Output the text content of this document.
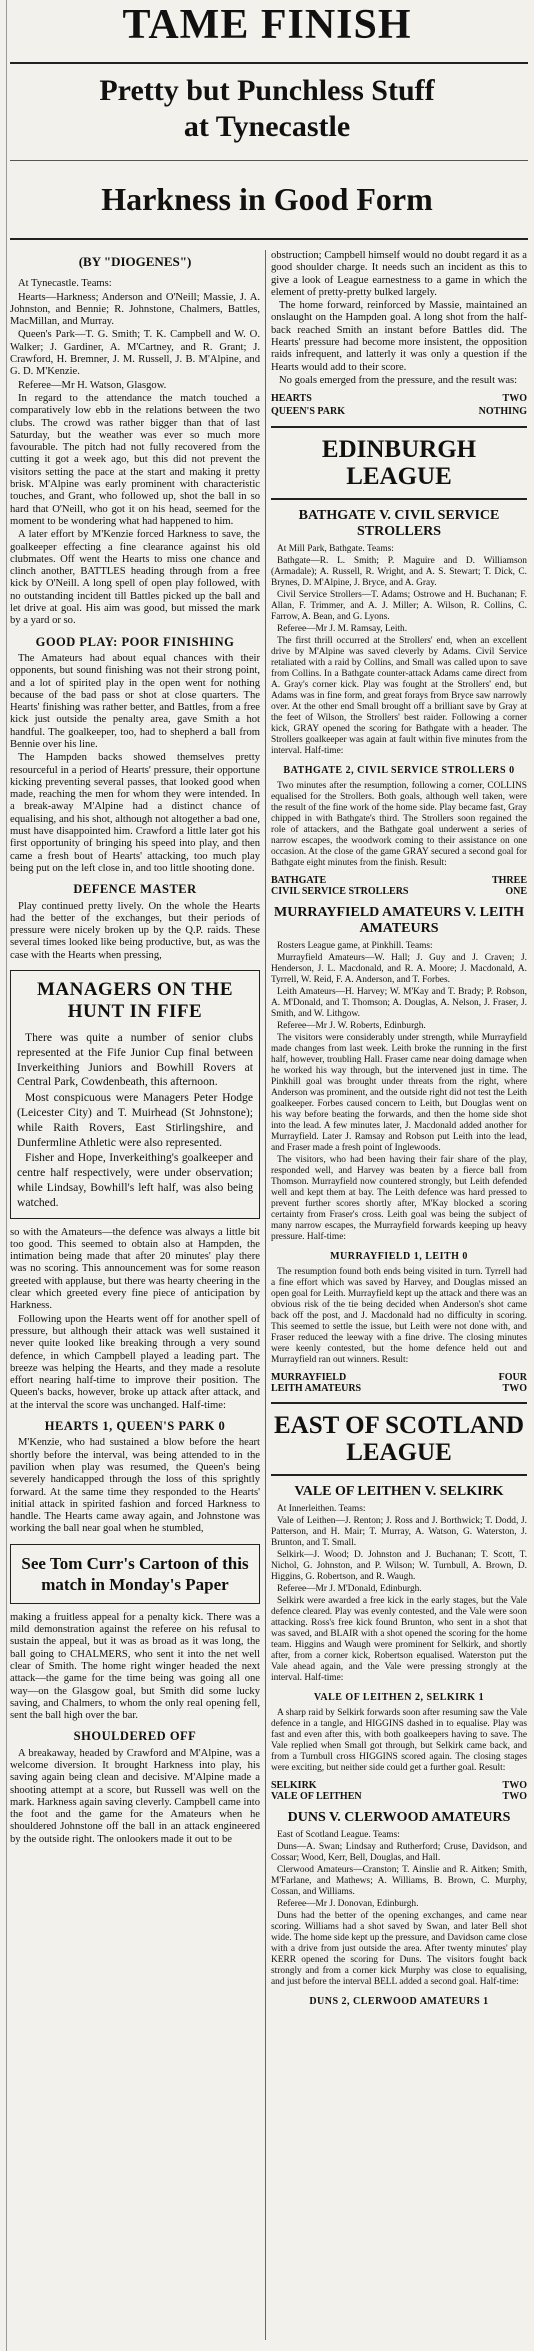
TAME FINISH
Pretty but Punchless Stuff
at Tynecastle
Harkness in Good Form
(BY "DIOGENES")

At Tynecastle. Teams:

Hearts—Harkness; Anderson and O'Neill; Massie, J. A. Johnston, and Bennie; R. Johnstone, Chalmers, Battles, MacMillan, and Murray.

Queen's Park—T. G. Smith; T. K. Campbell and W. O. Walker; J. Gardiner, A. M'Cartney, and R. Grant; J. Crawford, H. Bremner, J. M. Russell, J. B. M'Alpine, and G. D. M'Kenzie.

Referee—Mr H. Watson, Glasgow.

In regard to the attendance the match touched a comparatively low ebb in the relations between the two clubs. The crowd was rather bigger than that of last Saturday, but the weather was ever so much more favourable. The pitch had not fully recovered from the cutting it got a week ago, but this did not prevent the visitors setting the pace at the start and making it pretty brisk. M'Alpine was early prominent with characteristic touches, and Grant, who followed up, shot the ball in so hard that O'Neill, who got it on his head, seemed for the moment to be wondering what had happened to him.

A later effort by M'Kenzie forced Harkness to save, the goalkeeper effecting a fine clearance against his old clubmates. Off went the Hearts to miss one chance and clinch another, BATTLES heading through from a free kick by O'Neill. A long spell of open play followed, with no outstanding incident till Battles picked up the ball and let drive at goal. His aim was good, but missed the mark by a yard or so.

GOOD PLAY: POOR FINISHING

The Amateurs had about equal chances with their opponents, but sound finishing was not their strong point, and a lot of spirited play in the open went for nothing because of the bad pass or shot at close quarters. The Hearts' finishing was rather better, and Battles, from a free kick just outside the penalty area, gave Smith a hot handful. The goalkeeper, too, had to shepherd a ball from Bennie over his line.

The Hampden backs showed themselves pretty resourceful in a period of Hearts' pressure, their opportune kicking preventing several passes, that looked good when made, reaching the men for whom they were intended. In a break-away M'Alpine had a distinct chance of equalising, and his shot, although not altogether a bad one, must have disappointed him. Crawford a little later got his first opportunity of bringing his speed into play, and then came a fresh bout of Hearts' attacking, too much play being put on the left close in, and too little shooting done.

DEFENCE MASTER

Play continued pretty lively. On the whole the Hearts had the better of the exchanges, but their periods of pressure were nicely broken up by the Q.P. raids. These several times looked like being productive, but, as was the case with the Hearts when pressing,

MANAGERS ON THE HUNT IN FIFE

There was quite a number of senior clubs represented at the Fife Junior Cup final between Inverkeithing Juniors and Bowhill Rovers at Central Park, Cowdenbeath, this afternoon.

Most conspicuous were Managers Peter Hodge (Leicester City) and T. Muirhead (St Johnstone); while Raith Rovers, East Stirlingshire, and Dunfermline Athletic were also represented.

Fisher and Hope, Inverkeithing's goalkeeper and centre half respectively, were under observation; while Lindsay, Bowhill's left half, was also being watched.

so with the Amateurs—the defence was always a little bit too good. This seemed to obtain also at Hampden, the intimation being made that after 20 minutes' play there was no scoring. This announcement was for some reason greeted with applause, but there was hearty cheering in the clear which greeted every fine piece of anticipation by Harkness.

Following upon the Hearts went off for another spell of pressure, but although their attack was well sustained it never quite looked like breaking through a very sound defence, in which Campbell played a leading part. The breeze was helping the Hearts, and they made a resolute effort nearing half-time to improve their position. The Queen's backs, however, broke up attack after attack, and at the interval the score was unchanged. Half-time:

HEARTS 1, QUEEN'S PARK 0

M'Kenzie, who had sustained a blow before the heart shortly before the interval, was being attended to in the pavilion when play was resumed, the Queen's being severely handicapped through the loss of this sprightly forward. At the same time they responded to the Hearts' initial attack in spirited fashion and forced Harkness to handle. The Hearts came away again, and Johnstone was working the ball near goal when he stumbled,

See Tom Curr's Cartoon of this match in Monday's Paper

making a fruitless appeal for a penalty kick. There was a mild demonstration against the referee on his refusal to sustain the appeal, but it was as broad as it was long, the ball going to CHALMERS, who sent it into the net well clear of Smith. The home right winger headed the next attack—the game for the time being was going all one way—on the Glasgow goal, but Smith did some lucky saving, and Chalmers, to whom the only real opening fell, sent the ball high over the bar.

SHOULDERED OFF

A breakaway, headed by Crawford and M'Alpine, was a welcome diversion. It brought Harkness into play, his saving again being clean and decisive. M'Alpine made a shooting attempt at a score, but Russell was well on the mark. Harkness again saving cleverly. Campbell came into the foot and the game for the Amateurs when he shouldered Johnstone off the ball in an attack engineered by the outside right. The onlookers made it out to be

obstruction; Campbell himself would no doubt regard it as a good shoulder charge. It needs such an incident as this to give a look of League earnestness to a game in which the element of pretty-pretty bulked largely.

The home forward, reinforced by Massie, maintained an onslaught on the Hampden goal. A long shot from the half-back reached Smith an instant before Battles did. The Hearts' pressure had become more insistent, the opposition raids infrequent, and latterly it was only a question if the Hearts would add to their score.

No goals emerged from the pressure, and the result was:

HEARTS	TWO
QUEEN'S PARK	NOTHING
EDINBURGH LEAGUE
BATHGATE V. CIVIL SERVICE STROLLERS

At Mill Park, Bathgate. Teams:

Bathgate—R. L. Smith; P. Maguire and D. Williamson (Armadale); A. Russell, R. Wright, and A. S. Stewart; T. Dick, C. Brynes, D. M'Alpine, J. Bryce, and A. Gray.

Civil Service Strollers—T. Adams; Ostrowe and H. Buchanan; F. Allan, F. Trimmer, and A. J. Miller; A. Wilson, R. Collins, C. Farrow, A. Bean, and G. Lyons.

Referee—Mr J. M. Ramsay, Leith.

The first thrill occurred at the Strollers' end, when an excellent drive by M'Alpine was saved cleverly by Adams. Civil Service retaliated with a raid by Collins, and Small was called upon to save from Collins. In a Bathgate counter-attack Adams came direct from A. Gray's corner kick. Play was fought at the Strollers' end, but Adams was in fine form, and great forays from Bryce saw narrowly over. At the other end Small brought off a brilliant save by Gray at the feet of Wilson, the Strollers' best raider. Following a corner kick, GRAY opened the scoring for Bathgate with a header. The Strollers goalkeeper was again at fault within five minutes from the interval. Half-time:

BATHGATE 2, CIVIL SERVICE STROLLERS 0

Two minutes after the resumption, following a corner, COLLINS equalised for the Strollers. Both goals, although well taken, were the result of the fine work of the home side. Play became fast, Gray chipped in with Bathgate's third. The Strollers soon regained the role of attackers, and the Bathgate goal underwent a series of narrow escapes, the woodwork coming to their assistance on one occasion. At the close of the game GRAY secured a second goal for Bathgate eight minutes from the finish. Result:

BATHGATE	THREE
CIVIL SERVICE STROLLERS	ONE
MURRAYFIELD AMATEURS V. LEITH AMATEURS

Rosters League game, at Pinkhill. Teams:

Murrayfield Amateurs—W. Hall; J. Guy and J. Craven; J. Henderson, J. L. Macdonald, and R. A. Moore; J. Macdonald, A. Tyrrell, W. Reid, F. A. Anderson, and T. Forbes.

Leith Amateurs—H. Harvey; W. M'Kay and T. Brady; P. Robson, A. M'Donald, and T. Thomson; A. Douglas, A. Nelson, J. Fraser, J. Smith, and W. Lithgow.

Referee—Mr J. W. Roberts, Edinburgh.

The visitors were considerably under strength, while Murrayfield made changes from last week. Leith broke the running in the first half, however, troubling Hall. Fraser came near doing damage when he worked his way through, but the intervened just in time. The Pinkhill goal was brought under threats from the right, where Anderson was prominent, and the outside right did not test the Leith goalkeeper. Forbes caused concern to Leith, but Douglas went on his way before beating the forwards, and then the home side shot into the lead. A few minutes later, J. Macdonald added another for Murrayfield. Later J. Ramsay and Robson put Leith into the lead, and Fraser made a fresh point of Inglewoods.

The visitors, who had been having their fair share of the play, responded well, and Harvey was beaten by a fierce ball from Thomson. Murrayfield now countered strongly, but Leith defended well and kept them at bay. The Leith defence was hard pressed to prevent further scores shortly after, M'Kay blocked a scoring certainty from Fraser's cross. Leith goal was being the subject of many narrow escapes, the Murrayfield forwards keeping up heavy pressure. Half-time:

MURRAYFIELD 1, LEITH 0

The resumption found both ends being visited in turn. Tyrrell had a fine effort which was saved by Harvey, and Douglas missed an open goal for Leith. Murrayfield kept up the attack and there was an obvious risk of the tie being decided when Anderson's shot came back off the post, and J. Macdonald had no difficulty in scoring. This seemed to settle the issue, but Leith were not done with, and Fraser reduced the leeway with a fine drive. The closing minutes were keenly contested, but the home defence held out and Murrayfield ran out winners. Result:

MURRAYFIELD	FOUR
LEITH AMATEURS	TWO
EAST OF SCOTLAND LEAGUE
VALE OF LEITHEN V. SELKIRK

At Innerleithen. Teams:

Vale of Leithen—J. Renton; J. Ross and J. Borthwick; T. Dodd, J. Patterson, and H. Mair; T. Murray, A. Watson, G. Waterston, J. Brunton, and T. Small.

Selkirk—J. Wood; D. Johnston and J. Buchanan; T. Scott, T. Nichol, G. Johnston, and P. Wilson; W. Turnbull, A. Brown, D. Higgins, G. Robertson, and R. Waugh.

Referee—Mr J. M'Donald, Edinburgh.

Selkirk were awarded a free kick in the early stages, but the Vale defence cleared. Play was evenly contested, and the Vale were soon attacking. Ross's free kick found Brunton, who sent in a shot that was saved, and BLAIR with a shot opened the scoring for the home team. Higgins and Waugh were prominent for Selkirk, and shortly after, from a corner kick, Robertson equalised. Waterston put the Vale ahead again, and the Vale were pressing strongly at the interval. Half-time:

VALE OF LEITHEN 2, SELKIRK 1

A sharp raid by Selkirk forwards soon after resuming saw the Vale defence in a tangle, and HIGGINS dashed in to equalise. Play was fast and even after this, with both goalkeepers having to save. The Vale replied when Small got through, but Selkirk came back, and from a Turnbull cross HIGGINS scored again. The closing stages were exciting, but neither side could get a further goal. Result:

SELKIRK	TWO
VALE OF LEITHEN	TWO
DUNS V. CLERWOOD AMATEURS

East of Scotland League. Teams:

Duns—A. Swan; Lindsay and Rutherford; Cruse, Davidson, and Cossar; Wood, Kerr, Bell, Douglas, and Hall.

Clerwood Amateurs—Cranston; T. Ainslie and R. Aitken; Smith, M'Farlane, and Mathews; A. Williams, B. Brown, C. Murphy, Cossan, and Williams.

Referee—Mr J. Donovan, Edinburgh.

Duns had the better of the opening exchanges, and came near scoring. Williams had a shot saved by Swan, and later Bell shot wide. The home side kept up the pressure, and Davidson came close with a drive from just outside the area. After twenty minutes' play KERR opened the scoring for Duns. The visitors fought back strongly and from a corner kick Murphy was close to equalising, and just before the interval BELL added a second goal. Half-time:

DUNS 2, CLERWOOD AMATEURS 1
